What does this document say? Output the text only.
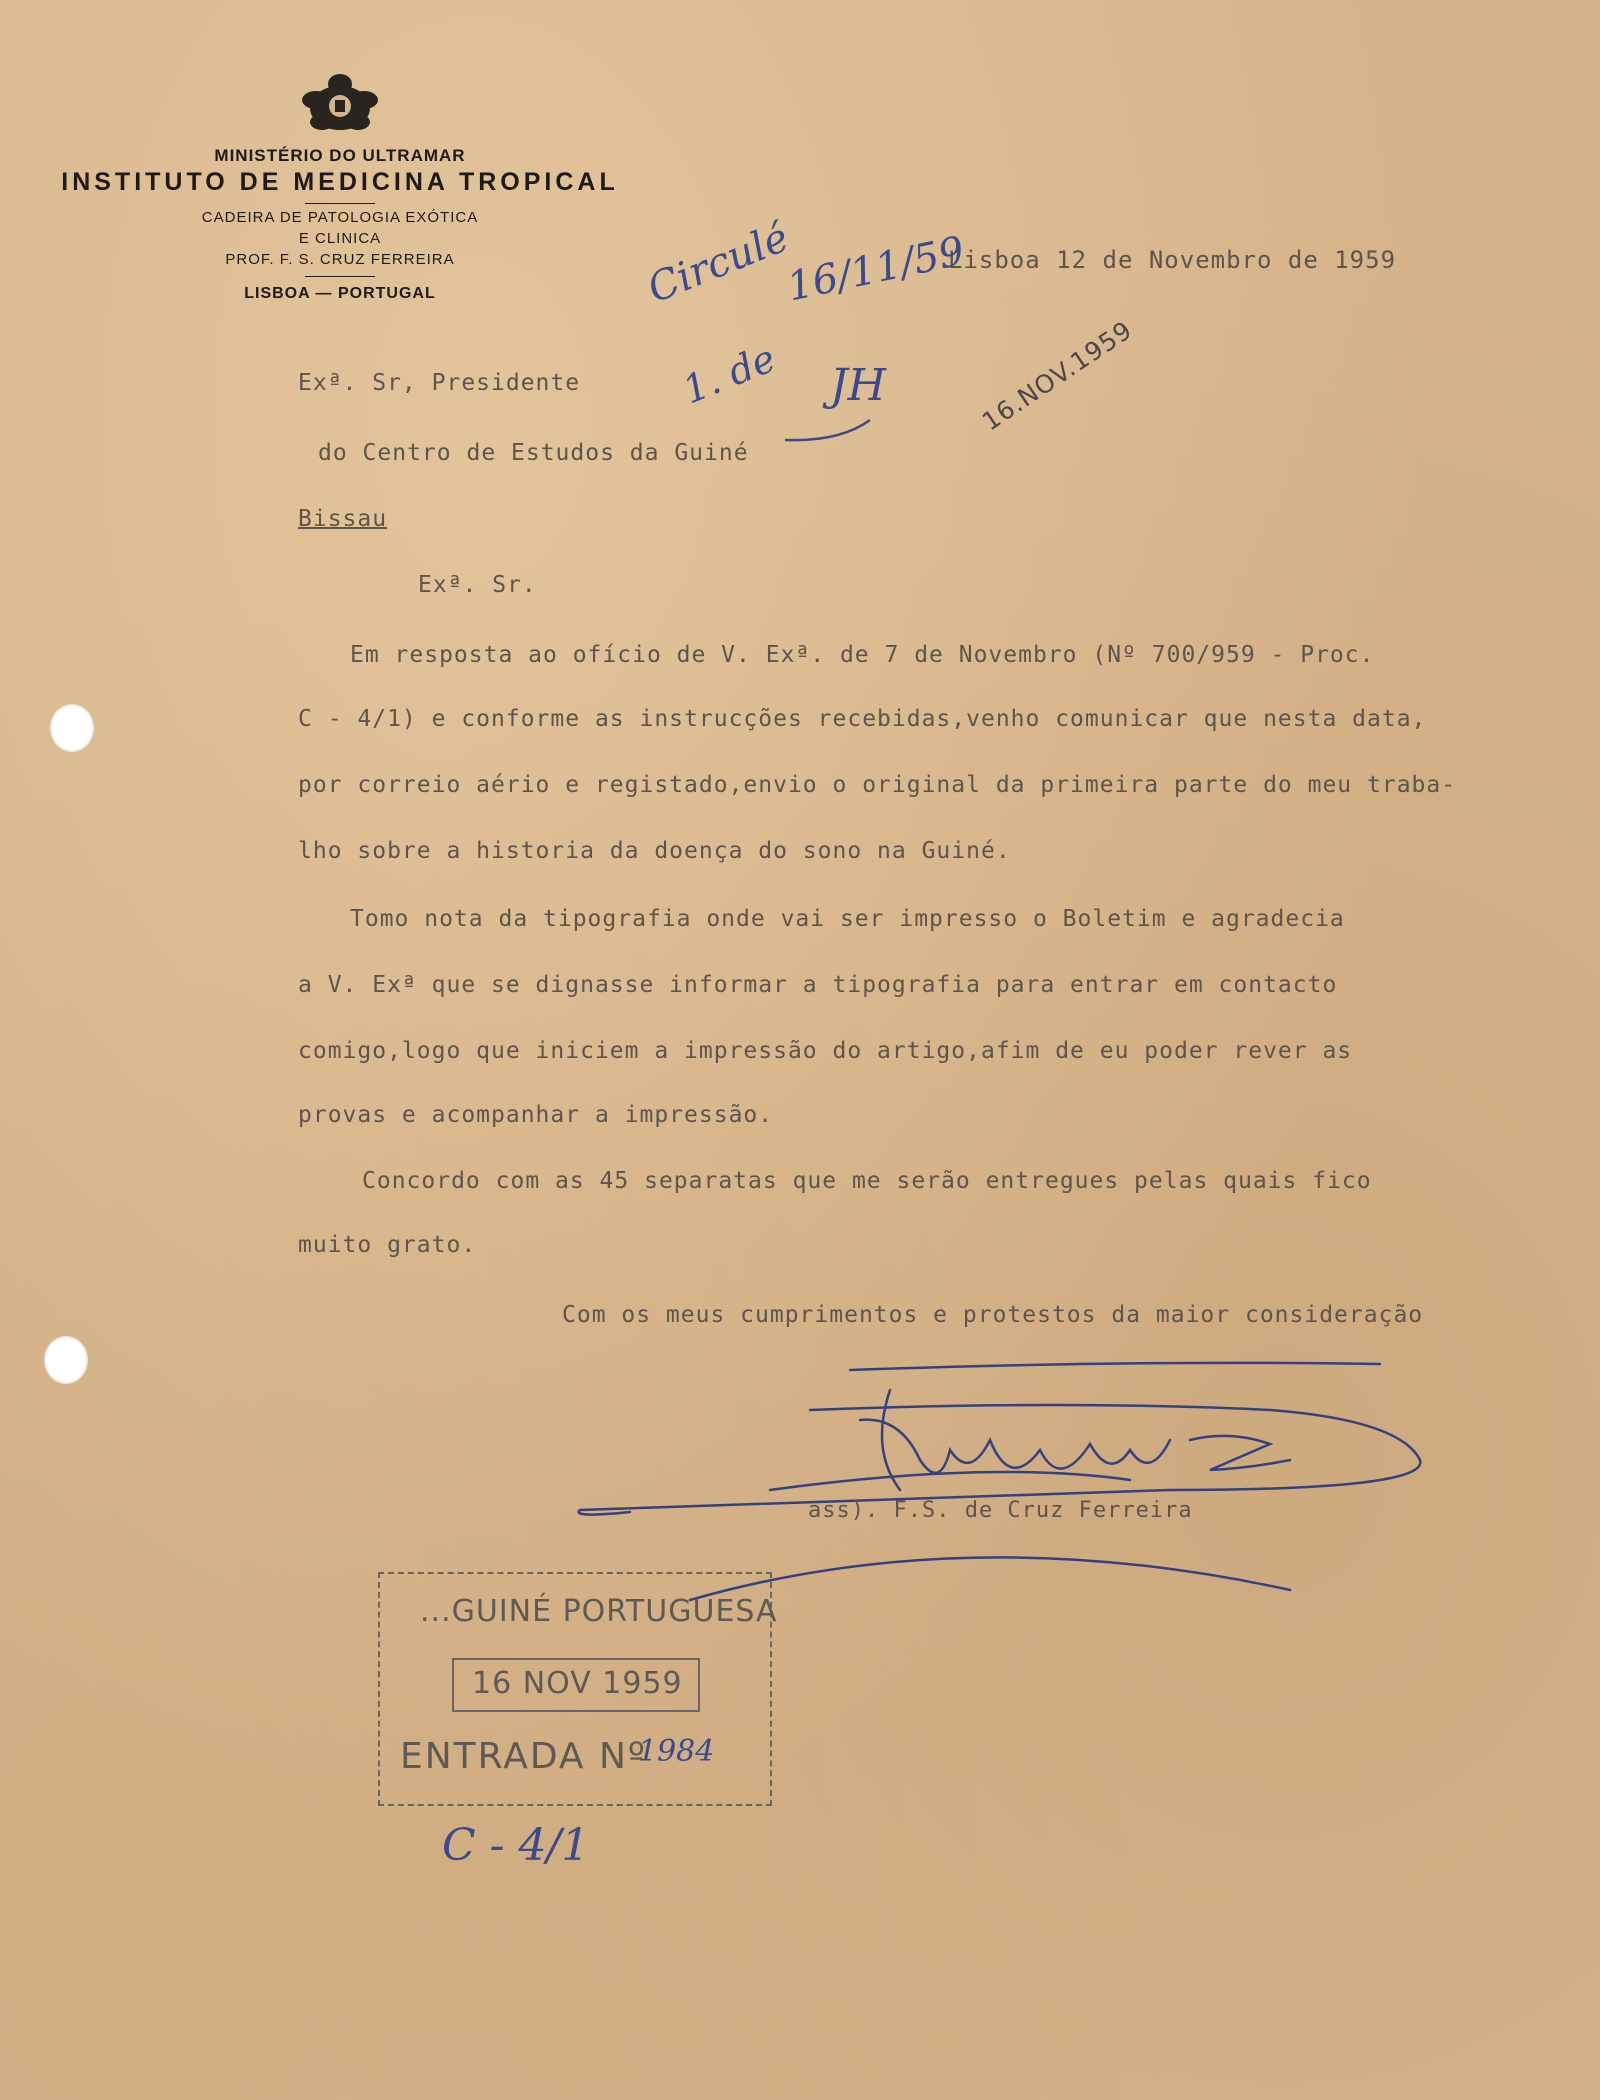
MINISTÉRIO DO ULTRAMAR
INSTITUTO DE MEDICINA TROPICAL
CADEIRA DE PATOLOGIA EXÓTICA
E CLINICA
PROF. F. S. CRUZ FERREIRA
LISBOA — PORTUGAL
Lisboa 12 de Novembro de 1959
Circulé
16/11/59
1. de JH	16.NOV.1959
Exª. Sr, Presidente
do Centro de Estudos da Guiné
Bissau
Exª. Sr.
Em resposta ao ofício de V. Exª. de 7 de Novembro (Nº 700/959 - Proc.
C - 4/1) e conforme as instrucções recebidas,venho comunicar que nesta data,
por correio aério e registado,envio o original da primeira parte do meu traba-
lho sobre a historia da doença do sono na Guiné.
Tomo nota da tipografia onde vai ser impresso o Boletim e agradecia
a V. Exª que se dignasse informar a tipografia para entrar em contacto
comigo,logo que iniciem a impressão do artigo,afim de eu poder rever as
provas e acompanhar a impressão.
Concordo com as 45 separatas que me serão entregues pelas quais fico
muito grato.
Com os meus cumprimentos e protestos da maior consideração
ass). F.S. de Cruz Ferreira
...GUINÉ PORTUGUESA
16 NOV 1959
ENTRADA Nº
1984
C - 4/1
